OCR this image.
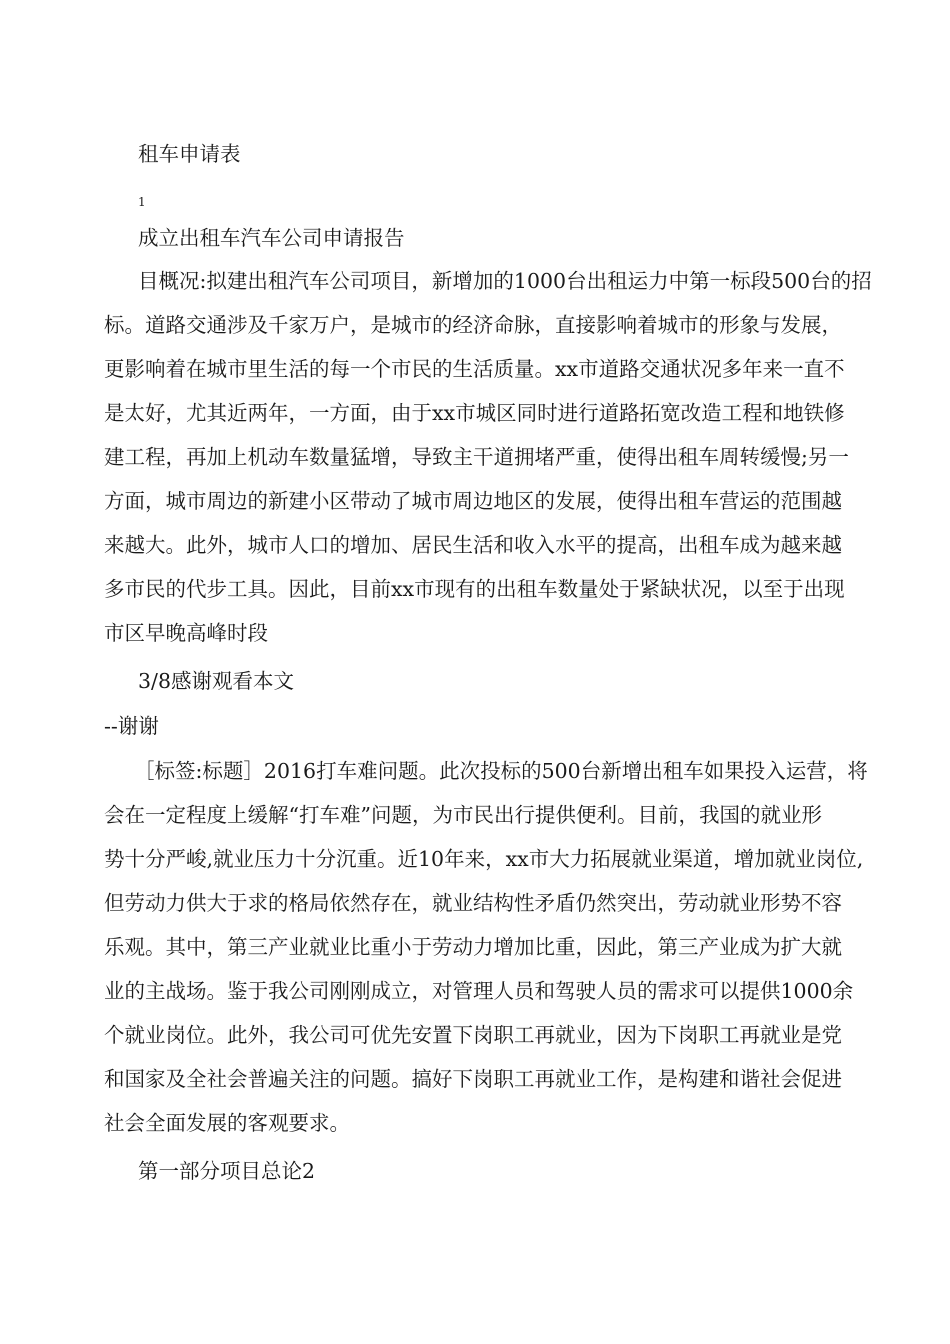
租车申请表
1
成立出租车汽车公司申请报告
目概况:拟建出租汽车公司项目，新增加的1000台出租运力中第一标段500台的招
标。道路交通涉及千家万户，是城市的经济命脉，直接影响着城市的形象与发展，
更影响着在城市里生活的每一个市民的生活质量。xx市道路交通状况多年来一直不
是太好，尤其近两年，一方面，由于xx市城区同时进行道路拓宽改造工程和地铁修
建工程，再加上机动车数量猛增，导致主干道拥堵严重，使得出租车周转缓慢;另一
方面，城市周边的新建小区带动了城市周边地区的发展，使得出租车营运的范围越
来越大。此外，城市人口的增加、居民生活和收入水平的提高，出租车成为越来越
多市民的代步工具。因此，目前xx市现有的出租车数量处于紧缺状况，以至于出现
市区早晚高峰时段
3/8感谢观看本文
--谢谢
［标签:标题］2016打车难问题。此次投标的500台新增出租车如果投入运营，将
会在一定程度上缓解“打车难”问题，为市民出行提供便利。目前，我国的就业形
势十分严峻,就业压力十分沉重。近10年来，xx市大力拓展就业渠道，增加就业岗位,
但劳动力供大于求的格局依然存在，就业结构性矛盾仍然突出，劳动就业形势不容
乐观。其中，第三产业就业比重小于劳动力增加比重，因此，第三产业成为扩大就
业的主战场。鉴于我公司刚刚成立，对管理人员和驾驶人员的需求可以提供1000余
个就业岗位。此外，我公司可优先安置下岗职工再就业，因为下岗职工再就业是党
和国家及全社会普遍关注的问题。搞好下岗职工再就业工作，是构建和谐社会促进
社会全面发展的客观要求。
第一部分项目总论2
